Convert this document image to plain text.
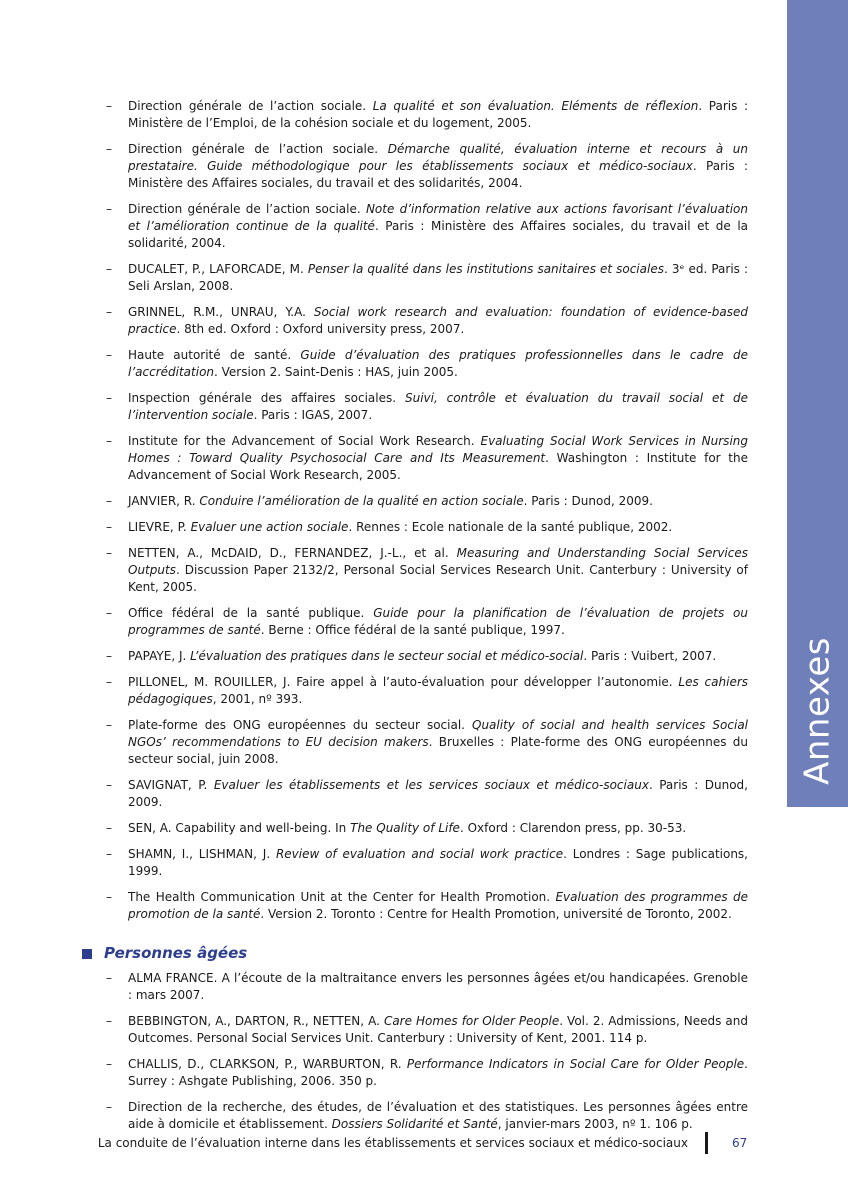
Annexes
– Direction générale de l’action sociale. La qualité et son évaluation. Eléments de réflexion. Paris : Ministère de l’Emploi, de la cohésion sociale et du logement, 2005.
– Direction générale de l’action sociale. Démarche qualité, évaluation interne et recours à un prestataire. Guide méthodologique pour les établissements sociaux et médico-sociaux. Paris : Ministère des Affaires sociales, du travail et des solidarités, 2004.
– Direction générale de l’action sociale. Note d’information relative aux actions favorisant l’évaluation et l’amélioration continue de la qualité. Paris : Ministère des Affaires sociales, du travail et de la solidarité, 2004.
– DUCALET, P., LAFORCADE, M. Penser la qualité dans les institutions sanitaires et sociales. 3ᵉ ed. Paris : Seli Arslan, 2008.
– GRINNEL, R.M., UNRAU, Y.A. Social work research and evaluation: foundation of evidence-based practice. 8th ed. Oxford : Oxford university press, 2007.
– Haute autorité de santé. Guide d’évaluation des pratiques professionnelles dans le cadre de l’accréditation. Version 2. Saint-Denis : HAS, juin 2005.
– Inspection générale des affaires sociales. Suivi, contrôle et évaluation du travail social et de l’intervention sociale. Paris : IGAS, 2007.
– Institute for the Advancement of Social Work Research. Evaluating Social Work Services in Nursing Homes : Toward Quality Psychosocial Care and Its Measurement. Washington : Institute for the Advancement of Social Work Research, 2005.
– JANVIER, R. Conduire l’amélioration de la qualité en action sociale. Paris : Dunod, 2009.
– LIEVRE, P. Evaluer une action sociale. Rennes : Ecole nationale de la santé publique, 2002.
– NETTEN, A., McDAID, D., FERNANDEZ, J.-L., et al. Measuring and Understanding Social Services Outputs. Discussion Paper 2132/2, Personal Social Services Research Unit. Canterbury : University of Kent, 2005.
– Office fédéral de la santé publique. Guide pour la planification de l’évaluation de projets ou programmes de santé. Berne : Office fédéral de la santé publique, 1997.
– PAPAYE, J. L’évaluation des pratiques dans le secteur social et médico-social. Paris : Vuibert, 2007.
– PILLONEL, M. ROUILLER, J. Faire appel à l’auto-évaluation pour développer l’autonomie. Les cahiers pédagogiques, 2001, nº 393.
– Plate-forme des ONG européennes du secteur social. Quality of social and health services Social NGOs’ recommendations to EU decision makers. Bruxelles : Plate-forme des ONG européennes du secteur social, juin 2008.
– SAVIGNAT, P. Evaluer les établissements et les services sociaux et médico-sociaux. Paris : Dunod, 2009.
– SEN, A. Capability and well-being. In The Quality of Life. Oxford : Clarendon press, pp. 30-53.
– SHAMN, I., LISHMAN, J. Review of evaluation and social work practice. Londres : Sage publications, 1999.
– The Health Communication Unit at the Center for Health Promotion. Evaluation des programmes de promotion de la santé. Version 2. Toronto : Centre for Health Promotion, université de Toronto, 2002.
Personnes âgées
– ALMA FRANCE. A l’écoute de la maltraitance envers les personnes âgées et/ou handicapées. Grenoble : mars 2007.
– BEBBINGTON, A., DARTON, R., NETTEN, A. Care Homes for Older People. Vol. 2. Admissions, Needs and Outcomes. Personal Social Services Unit. Canterbury : University of Kent, 2001. 114 p.
– CHALLIS, D., CLARKSON, P., WARBURTON, R. Performance Indicators in Social Care for Older People. Surrey : Ashgate Publishing, 2006. 350 p.
– Direction de la recherche, des études, de l’évaluation et des statistiques. Les personnes âgées entre aide à domicile et établissement. Dossiers Solidarité et Santé, janvier-mars 2003, nº 1. 106 p.
La conduite de l’évaluation interne dans les établissements et services sociaux et médico-sociaux	67
